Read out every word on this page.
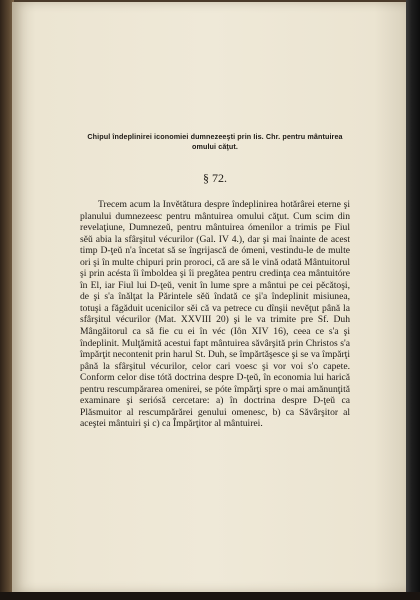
Chipul îndeplinirei iconomiei dumnezeeşti prin Iis. Chr. pentru mântuirea omului căţut.
§ 72.

Trecem acum la Invĕtătura despre îndeplinirea hotărârei eterne şi planului dumnezeesc pentru mântuirea omului căţut. Cum scim din revelaţiune, Dumnezeŭ, pentru mântuirea ómenilor a trimis pe Fiul sĕŭ abia la sfârşitul vécurilor (Gal. IV 4.), dar şi mai înainte de acest timp D-ţeŭ n'a încetat să se îngrijască de ómeni, vestindu-le de multe ori şi în multe chipuri prin proroci, că are să le vină odată Mântuitorul şi prin acésta îi îmboldea şi îi pregătea pentru credinţa cea mântuitóre în El, iar Fiul lui D-ţeŭ, venit în lume spre a mântui pe cei pĕcătoşi, de şi s'a înălţat la Părintele sĕŭ îndată ce şi'a îndeplinit misiunea, totuşi a făgăduit ucenicilor sĕi că va petrece cu dînşii nevĕţut până la sfârşitul vécurilor (Mat. XXVIII 20) şi le va trimite pre Sf. Duh Mângăitorul ca să fie cu ei în véc (Iôn XIV 16), ceea ce s'a şi îndeplinit. Mulţămită acestui fapt mântuirea săvârşită prin Christos s'a împărţit necontenit prin harul St. Duh, se împărtăşesce şi se va împărţi până la sfârşitul vécurilor, celor cari voesc şi vor voi s'o capete. Conform celor dise tótă doctrina despre D-ţeŭ, în economia lui harică pentru rescumpărarea omenirei, se póte împărţi spre o mai amănunţită examinare şi seriósă cercetare: a) în doctrina despre D-ţeŭ ca Plăsmuitor al rescumpărărei genului omenesc, b) ca Săvârşitor al aceştei mântuiri şi c) ca Împărţitor al mântuirei.
